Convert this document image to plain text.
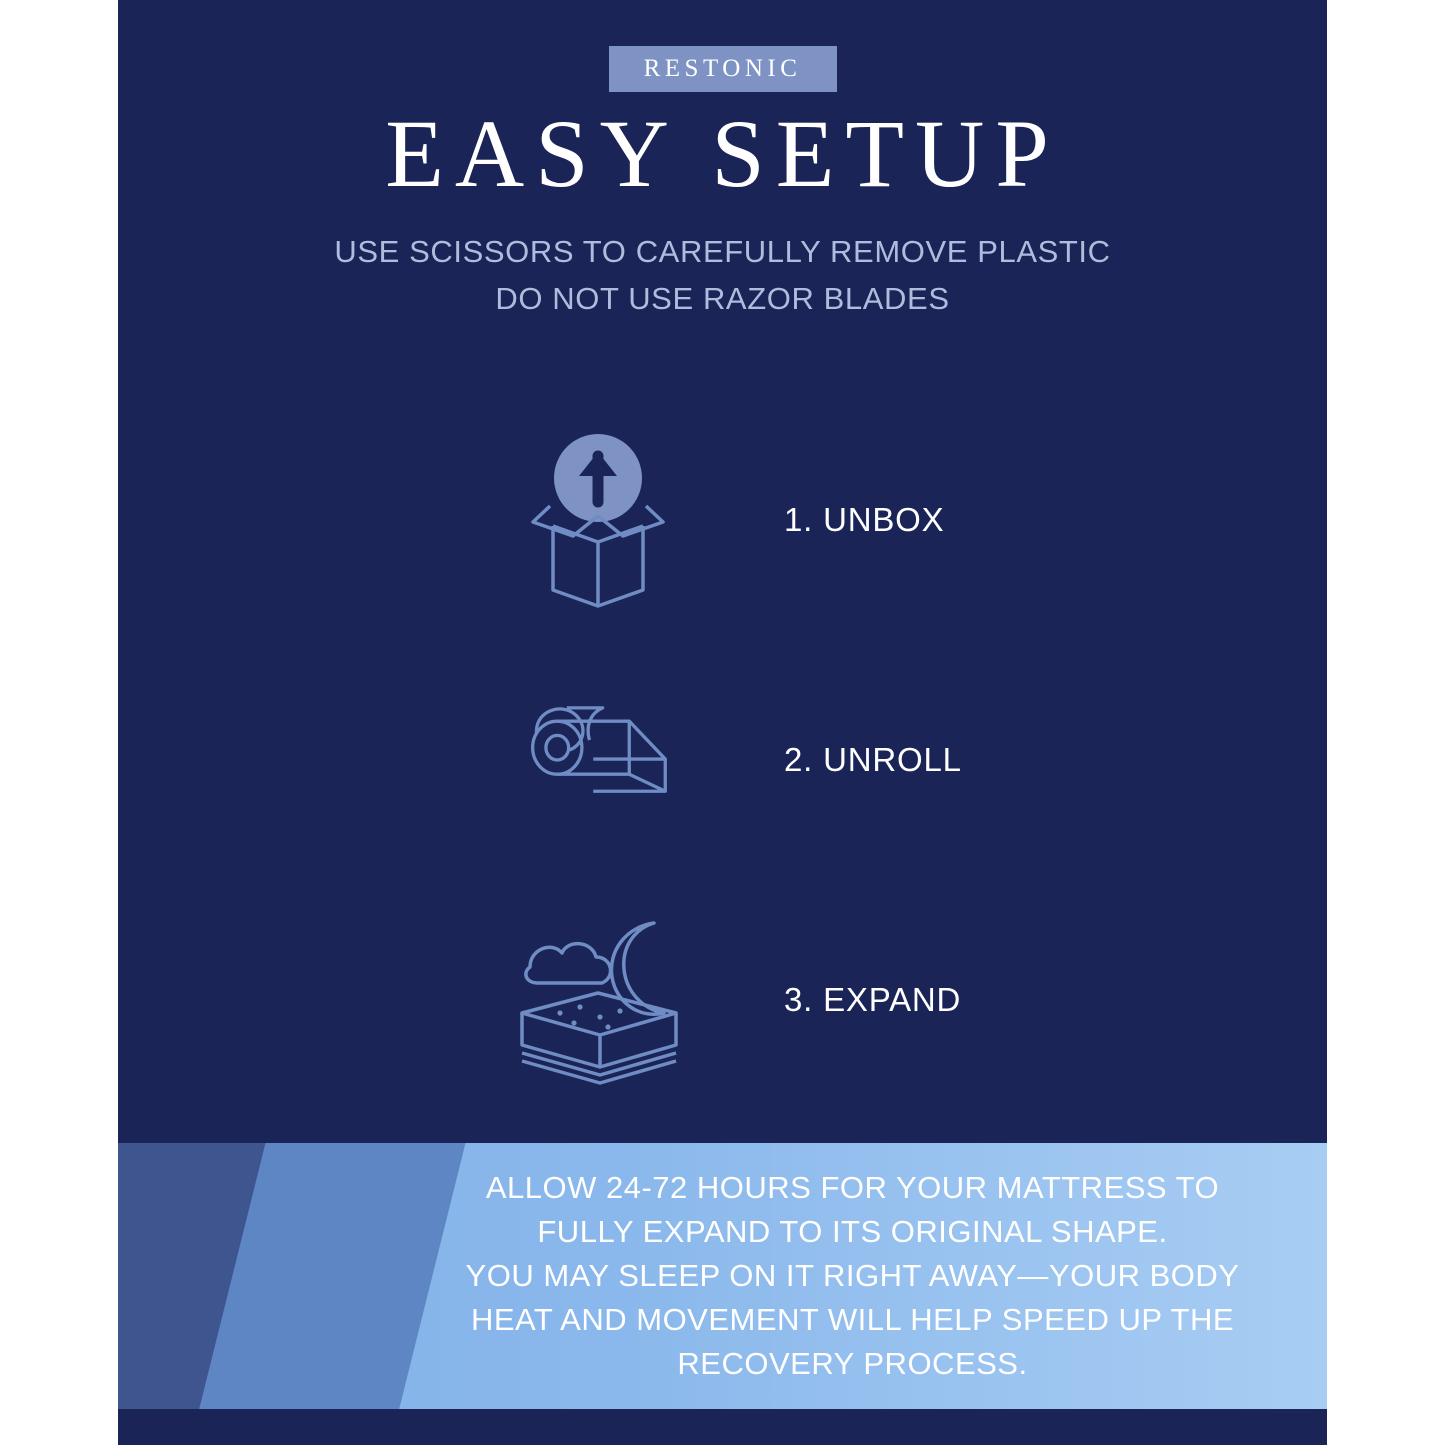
RESTONIC
EASY SETUP
USE SCISSORS TO CAREFULLY REMOVE PLASTIC
DO NOT USE RAZOR BLADES
1. UNBOX
2. UNROLL
3. EXPAND
ALLOW 24-72 HOURS FOR YOUR MATTRESS TO
FULLY EXPAND TO ITS ORIGINAL SHAPE.
YOU MAY SLEEP ON IT RIGHT AWAY—YOUR BODY
HEAT AND MOVEMENT WILL HELP SPEED UP THE
RECOVERY PROCESS.
